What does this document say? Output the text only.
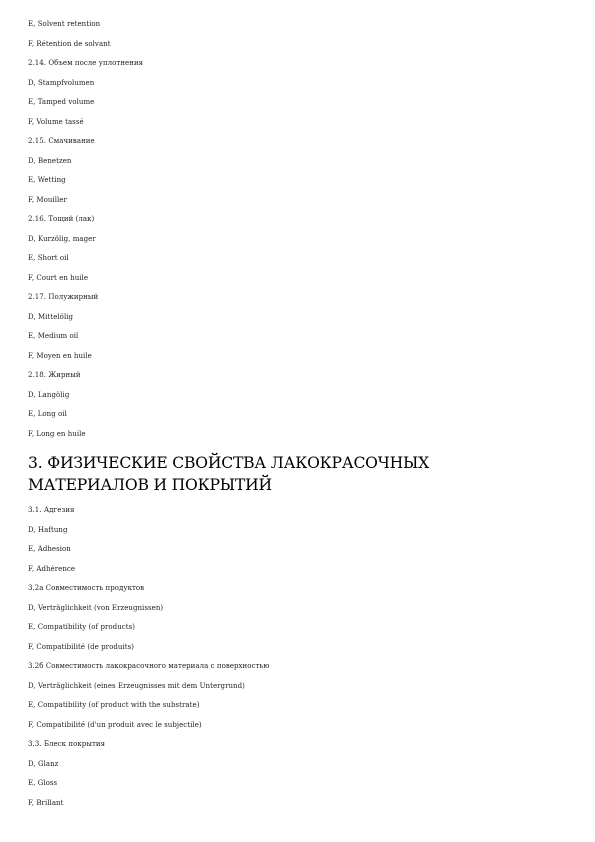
E, Solvent retention
F, Rétention de solvant
2.14. Объем после уплотнения
D, Stampfvolumen
E, Tamped volume
F, Volume tassé
2.15. Смачивание
D, Benetzen
E, Wetting
F, Mouiller
2.16. Тощий (лак)
D, Kurzölig, mager
E, Short oil
F, Court en huile
2.17. Полужирный
D, Mittelölig
E, Medium oil
F, Moyen en huile
2.18. Жирный
D, Langölig
E, Long oil
F, Long en huile
3. ФИЗИЧЕСКИЕ СВОЙСТВА ЛАКОКРАСОЧНЫХ
МАТЕРИАЛОВ И ПОКРЫТИЙ
3.1. Адгезия
D, Haftung
E, Adhesion
F, Adhérence
3.2а Совместимость продуктов
D, Verträglichkeit (von Erzeugnissen)
E, Compatibility (of products)
F, Compatibilité (de produits)
3.2б Совместимость лакокрасочного материала с поверхностью
D, Verträglichkeit (eines Erzeugnisses mit dem Untergrund)
E, Compatibility (of product with the substrate)
F, Compatibilité (d'un produit avec le subjectile)
3.3. Блеск покрытия
D, Glanz
E, Gloss
F, Brillant
